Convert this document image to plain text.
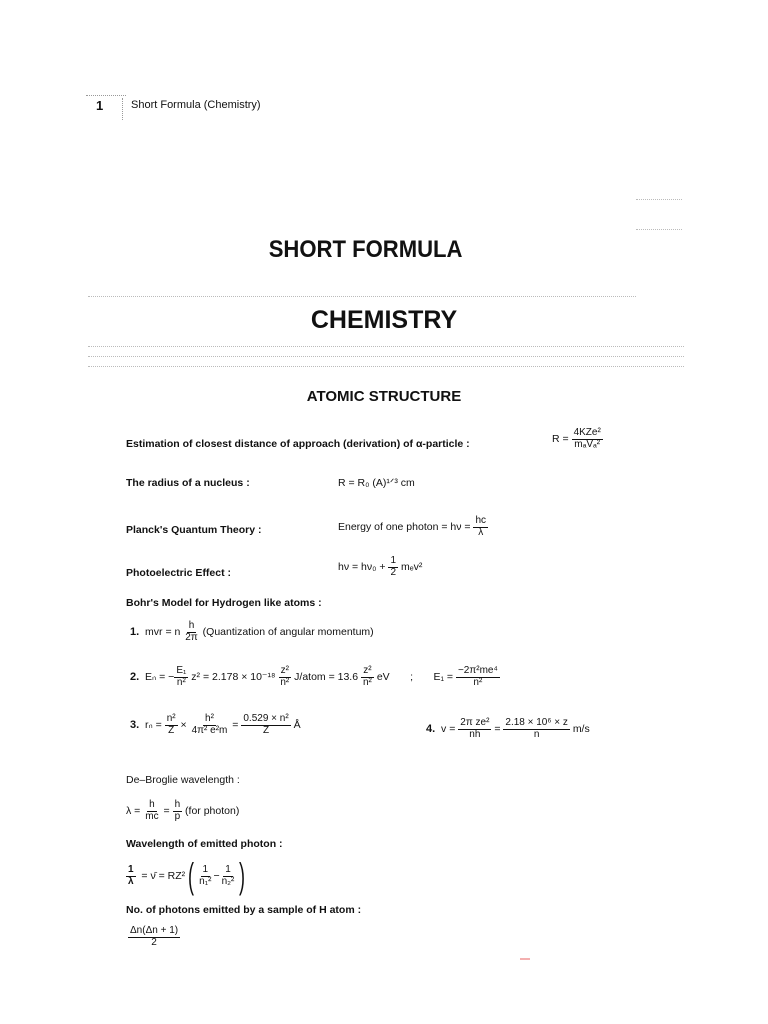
1	Short Formula (Chemistry)
SHORT FORMULA
CHEMISTRY
ATOMIC STRUCTURE
Estimation of closest distance of approach (derivation) of α-particle :	R =
$\frac{\text{4KZe²}}{\text{mₐVₐ²}}$
The radius of a nucleus :	R = R₀ (A)¹ᐟ³ cm
Planck's Quantum Theory :	Energy of one photon = hν =
$\frac{hc}{\lambda}$
Photoelectric Effect :	hν = hν₀ +
$\frac{1}{2}$
mₑv²
Bohr's Model for Hydrogen like atoms :
1.
mvr = n
$\frac{h}{2\pi}$
(Quantization of angular momentum)
2.
Eₙ = − $\frac{\text{E₁}}{\text{n²}}$
z² = 2.178 × 10⁻¹⁸
$\frac{\text{z²}}{\text{n²}}$
J/atom = 13.6
$\frac{\text{z²}}{\text{n²}}$
eV
;
E₁ =
$\frac{\text{−2π²me⁴}}{\text{n²}}$
3.
rₙ =
$\frac{\text{n²}}{Z}$
×
$\frac{\text{h²}}{\text{4π² e²m}}$
=
$\frac{\text{0.529 × n²}}{Z}$
Å	4.
v =
$\frac{\text{2π ze²}}{nh}$
=
$\frac{\text{2.18 × 10⁶ × z}}{n}$
m/s
De–Broglie wavelength :
λ =
$\frac{h}{mc}$
=
$\frac{h}{p}$
(for photon)
Wavelength of emitted photon :
$\frac{1}{\lambda}$
= ν̄ = RZ² ( $\frac{1}{\text{n₁²}} - \frac{1}{\text{n₂²}}$ )
No. of photons emitted by a sample of H atom :
$\frac{\Delta n(\Delta n + 1)}{2}$
